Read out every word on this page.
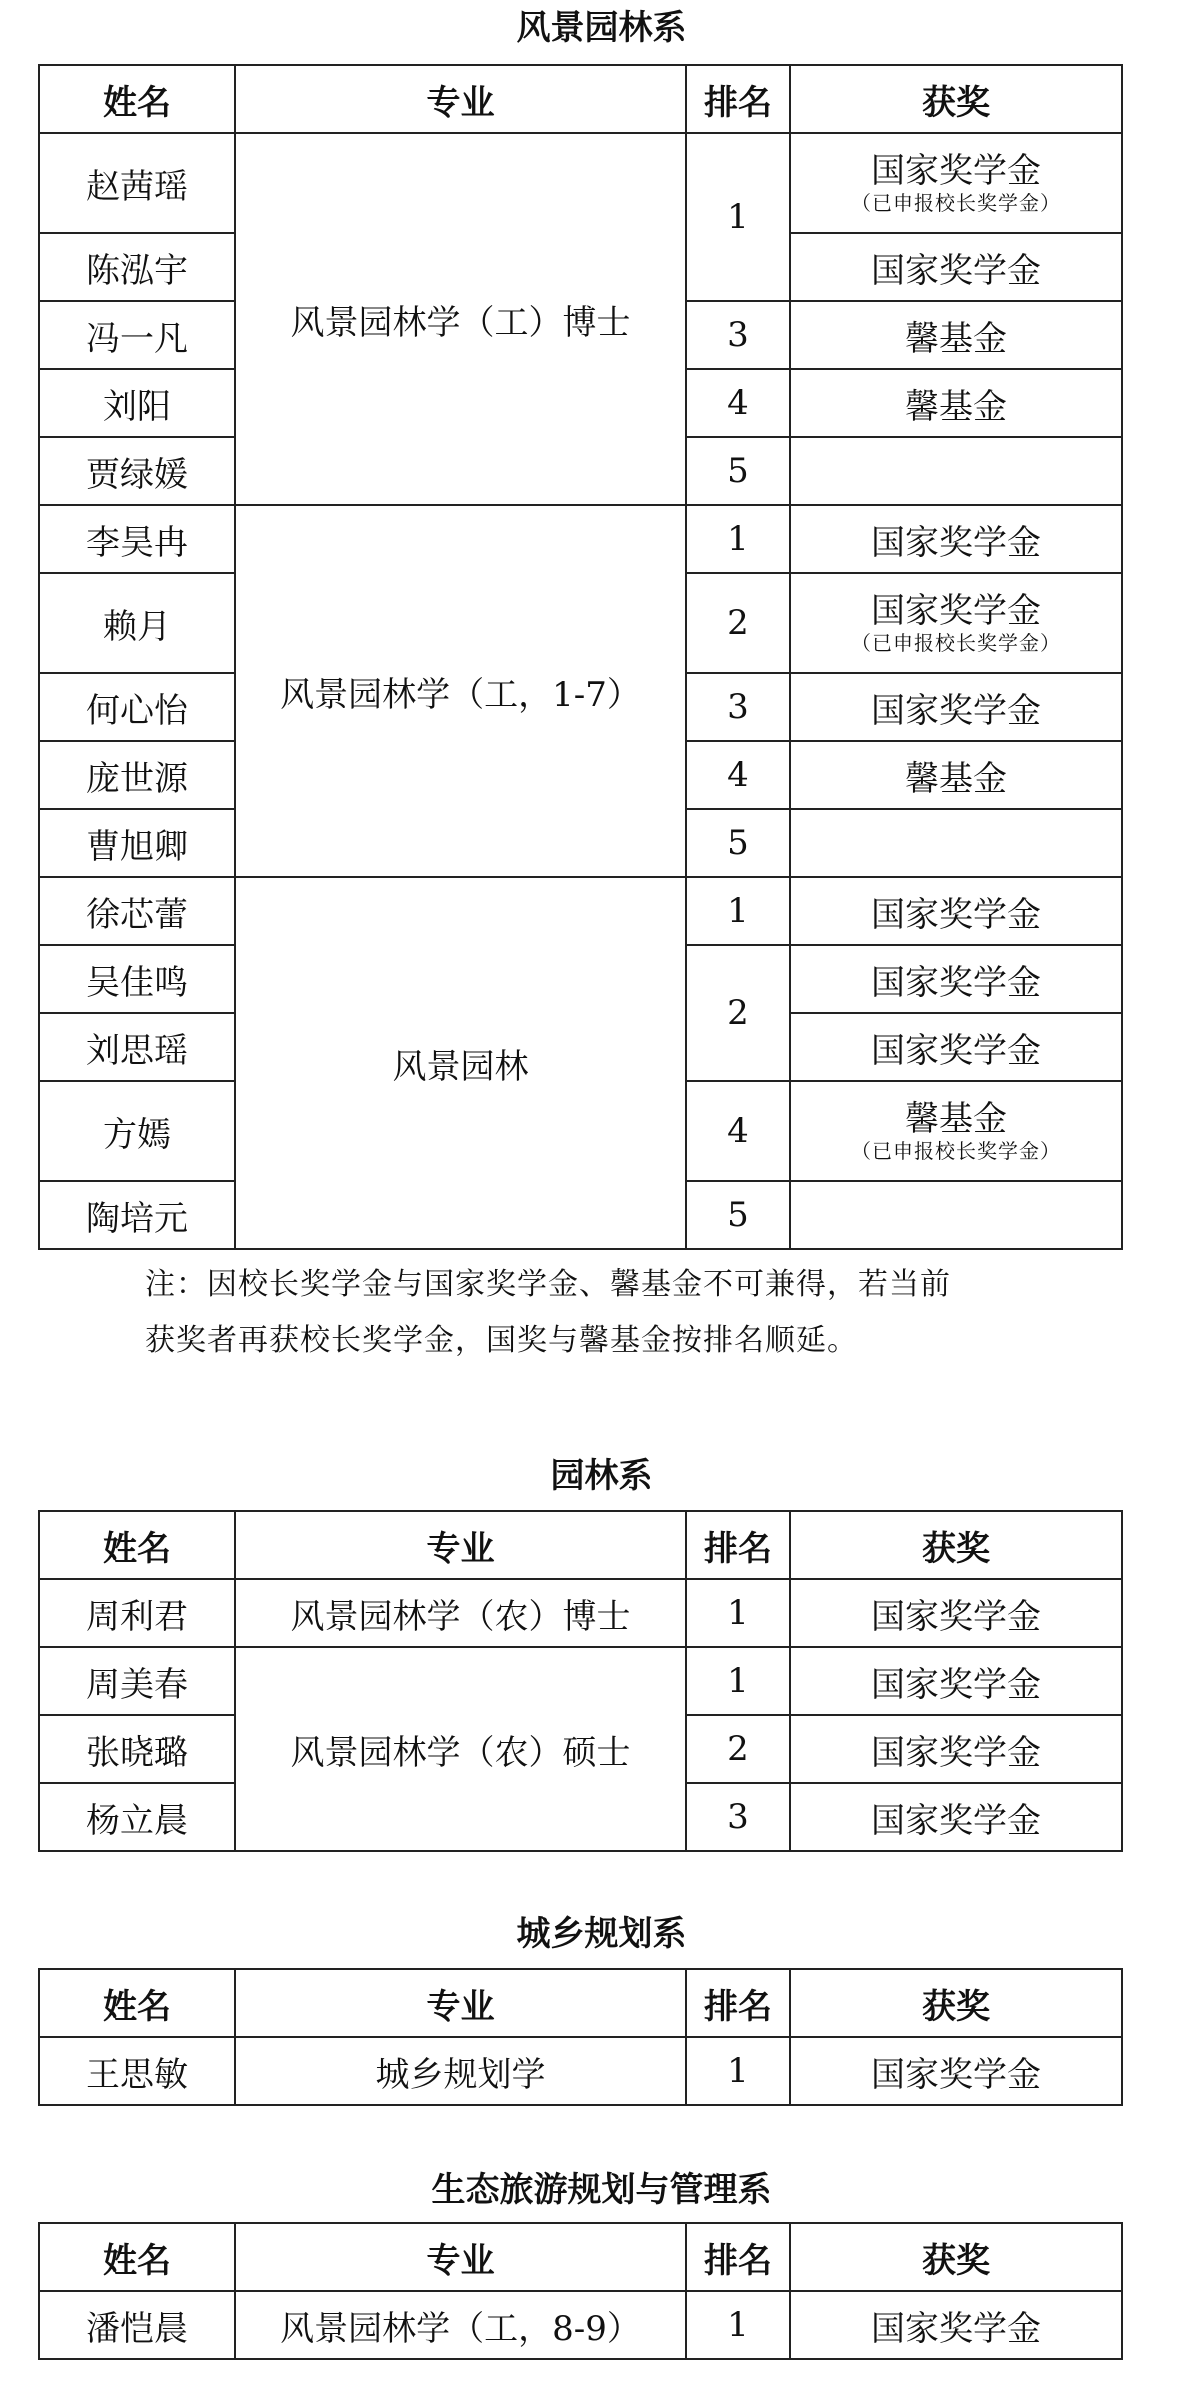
风景园林系
姓名	专业	排名	获奖
赵茜瑶	风景园林学（工）博士	1	国家奖学金
（已申报校长奖学金）

陈泓宇			国家奖学金
冯一凡		3	馨基金
刘阳		4	馨基金
贾绿媛		5	
李昊冉	风景园林学（工，1-7）	1	国家奖学金
赖月		2	国家奖学金
（已申报校长奖学金）

何心怡		3	国家奖学金
庞世源		4	馨基金
曹旭卿		5	
徐芯蕾	风景园林	1	国家奖学金
吴佳鸣		2	国家奖学金
刘思瑶			国家奖学金
方嫣		4	馨基金
（已申报校长奖学金）

陶培元		5	
注：因校长奖学金与国家奖学金、馨基金不可兼得，若当前
获奖者再获校长奖学金，国奖与馨基金按排名顺延。
园林系
姓名	专业	排名	获奖
周利君	风景园林学（农）博士	1	国家奖学金
周美春	风景园林学（农）硕士	1	国家奖学金
张晓璐		2	国家奖学金
杨立晨		3	国家奖学金
城乡规划系
姓名	专业	排名	获奖
王思敏	城乡规划学	1	国家奖学金
生态旅游规划与管理系
姓名	专业	排名	获奖
潘恺晨	风景园林学（工，8-9）	1	国家奖学金
